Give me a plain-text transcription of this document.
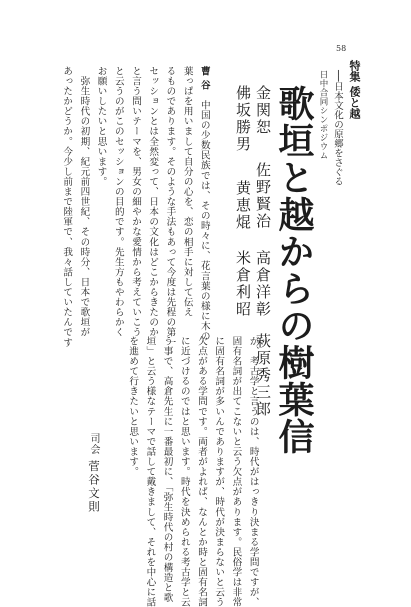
58
特集 倭と越
──日本文化の原郷をさぐる
日中合同シンポジウム
歌垣と越からの樹葉信
金関恕
佐野賢治
高倉洋彰
萩原秀三郎
佛坂勝男
黄恵焜
米倉利昭
曹 谷　中国の少数民族では、その時々に、花言葉の様に木の
葉っぱを用いまして自分の心を、恋の相手に対して伝え
るものであります。そのような手法もあって今度は先程の第一
セッションとは全然変って、日本の文化はどこからきたのか
と言う問いテーマを、男女の細やかな愛情から考えていこう
と云うのがこのセッションの目的です。先生方もやわらかく
お願いしたいと思います。
　弥生時代の初期、紀元前四世紀、その時分、日本で歌垣が
あったかどうか。今少し前まで陸軍で、我々話していたんです
が、考古学と言うのは、時代がはっきり決まる学問ですが、
固有名詞が出てこないと云う欠点があります。民俗学は非常
に固有名詞が多いんでありますが、時代が決まらないと云う
欠点がある学問です。両者がよれば、なんとか時と固有名詞
に近づけるのではと思います。時代を決められる考古学と云
う事で、高倉先生に一番最初に、「弥生時代の村の構造と歌
垣」と云う様なテーマで話して戴きまして、それを中心に話
を進めて行きたいと思います。
司会
菅谷文則
